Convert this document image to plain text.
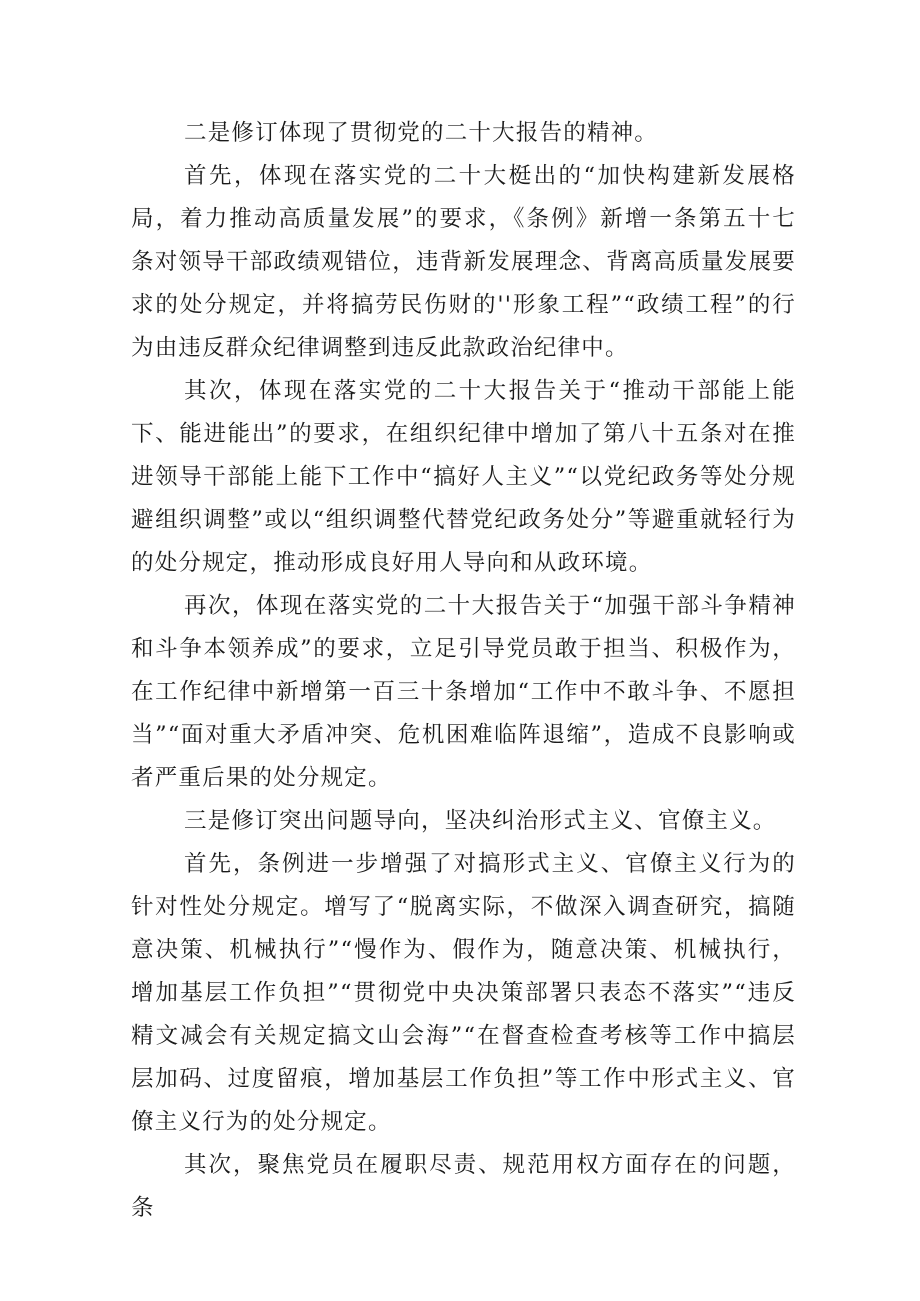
二是修订体现了贯彻党的二十大报告的精神。

首先，体现在落实党的二十大梃出的“加快构建新发展格局，着力推动高质量发展”的要求，《条例》新增一条第五十七条对领导干部政绩观错位，违背新发展理念、背离高质量发展要求的处分规定，并将搞劳民伤财的''形象工程”“政绩工程”的行为由违反群众纪律调整到违反此款政治纪律中。

其次，体现在落实党的二十大报告关于“推动干部能上能下、能进能出”的要求，在组织纪律中增加了第八十五条对在推进领导干部能上能下工作中“搞好人主义”“以党纪政务等处分规避组织调整”或以“组织调整代替党纪政务处分”等避重就轻行为的处分规定，推动形成良好用人导向和从政环境。

再次，体现在落实党的二十大报告关于“加强干部斗争精神和斗争本领养成”的要求，立足引导党员敢于担当、积极作为，在工作纪律中新增第一百三十条增加“工作中不敢斗争、不愿担当”“面对重大矛盾冲突、危机困难临阵退缩”，造成不良影响或者严重后果的处分规定。

三是修订突出问题导向，坚决纠治形式主义、官僚主义。

首先，条例进一步增强了对搞形式主义、官僚主义行为的针对性处分规定。增写了“脱离实际，不做深入调查研究，搞随意决策、机械执行”“慢作为、假作为，随意决策、机械执行，增加基层工作负担”“贯彻党中央决策部署只表态不落实”“违反精文减会有关规定搞文山会海”“在督查检查考核等工作中搞层层加码、过度留痕，增加基层工作负担”等工作中形式主义、官僚主义行为的处分规定。

其次，聚焦党员在履职尽责、规范用权方面存在的问题，条
